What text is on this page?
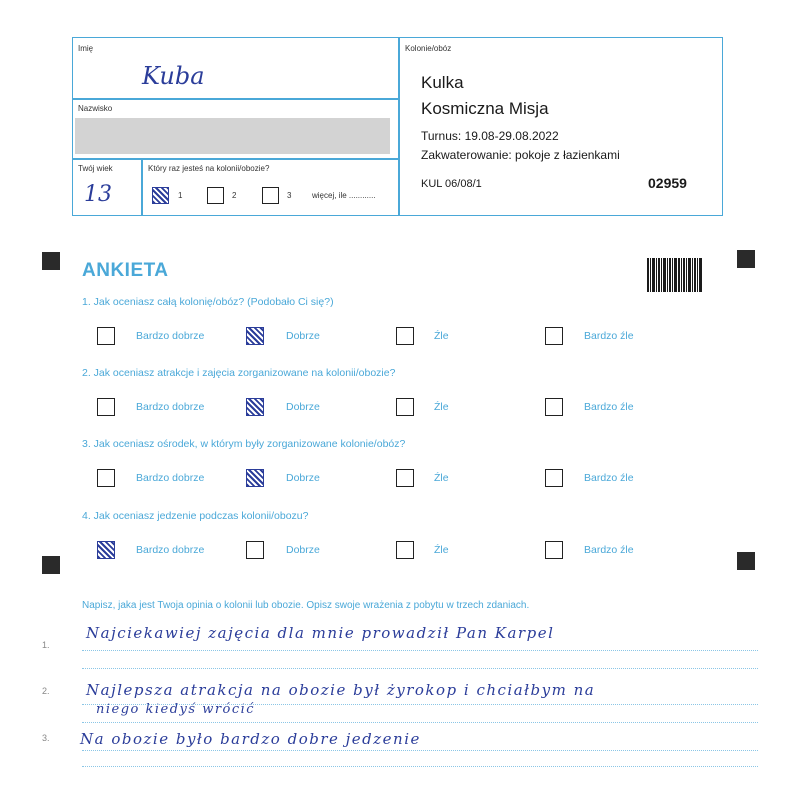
Imię
Kuba
Nazwisko
Twój wiek
13
Który raz jesteś na kolonii/obozie?
1	2	3	więcej, ile ............
Kolonie/obóz
Kulka
Kosmiczna Misja
Turnus: 19.08-29.08.2022
Zakwaterowanie: pokoje z łazienkami
KUL 06/08/1	02959
ANKIETA
1. Jak oceniasz całą kolonię/obóz? (Podobało Ci się?)
Bardzo dobrze	Dobrze	Źle	Bardzo źle
2. Jak oceniasz atrakcje i zajęcia zorganizowane na kolonii/obozie?
Bardzo dobrze	Dobrze	Źle	Bardzo źle
3. Jak oceniasz ośrodek, w którym były zorganizowane kolonie/obóz?
Bardzo dobrze	Dobrze	Źle	Bardzo źle
4. Jak oceniasz jedzenie podczas kolonii/obozu?
Bardzo dobrze	Dobrze	Źle	Bardzo źle
Napisz, jaka jest Twoja opinia o kolonii lub obozie. Opisz swoje wrażenia z pobytu w trzech zdaniach.
1.
Najciekawiej zajęcia dla mnie prowadził Pan Karpel
2. Najlepsza atrakcja na obozie był żyrokop i chciałbym na
niego kiedyś wrócić
3. Na obozie było bardzo dobre jedzenie
